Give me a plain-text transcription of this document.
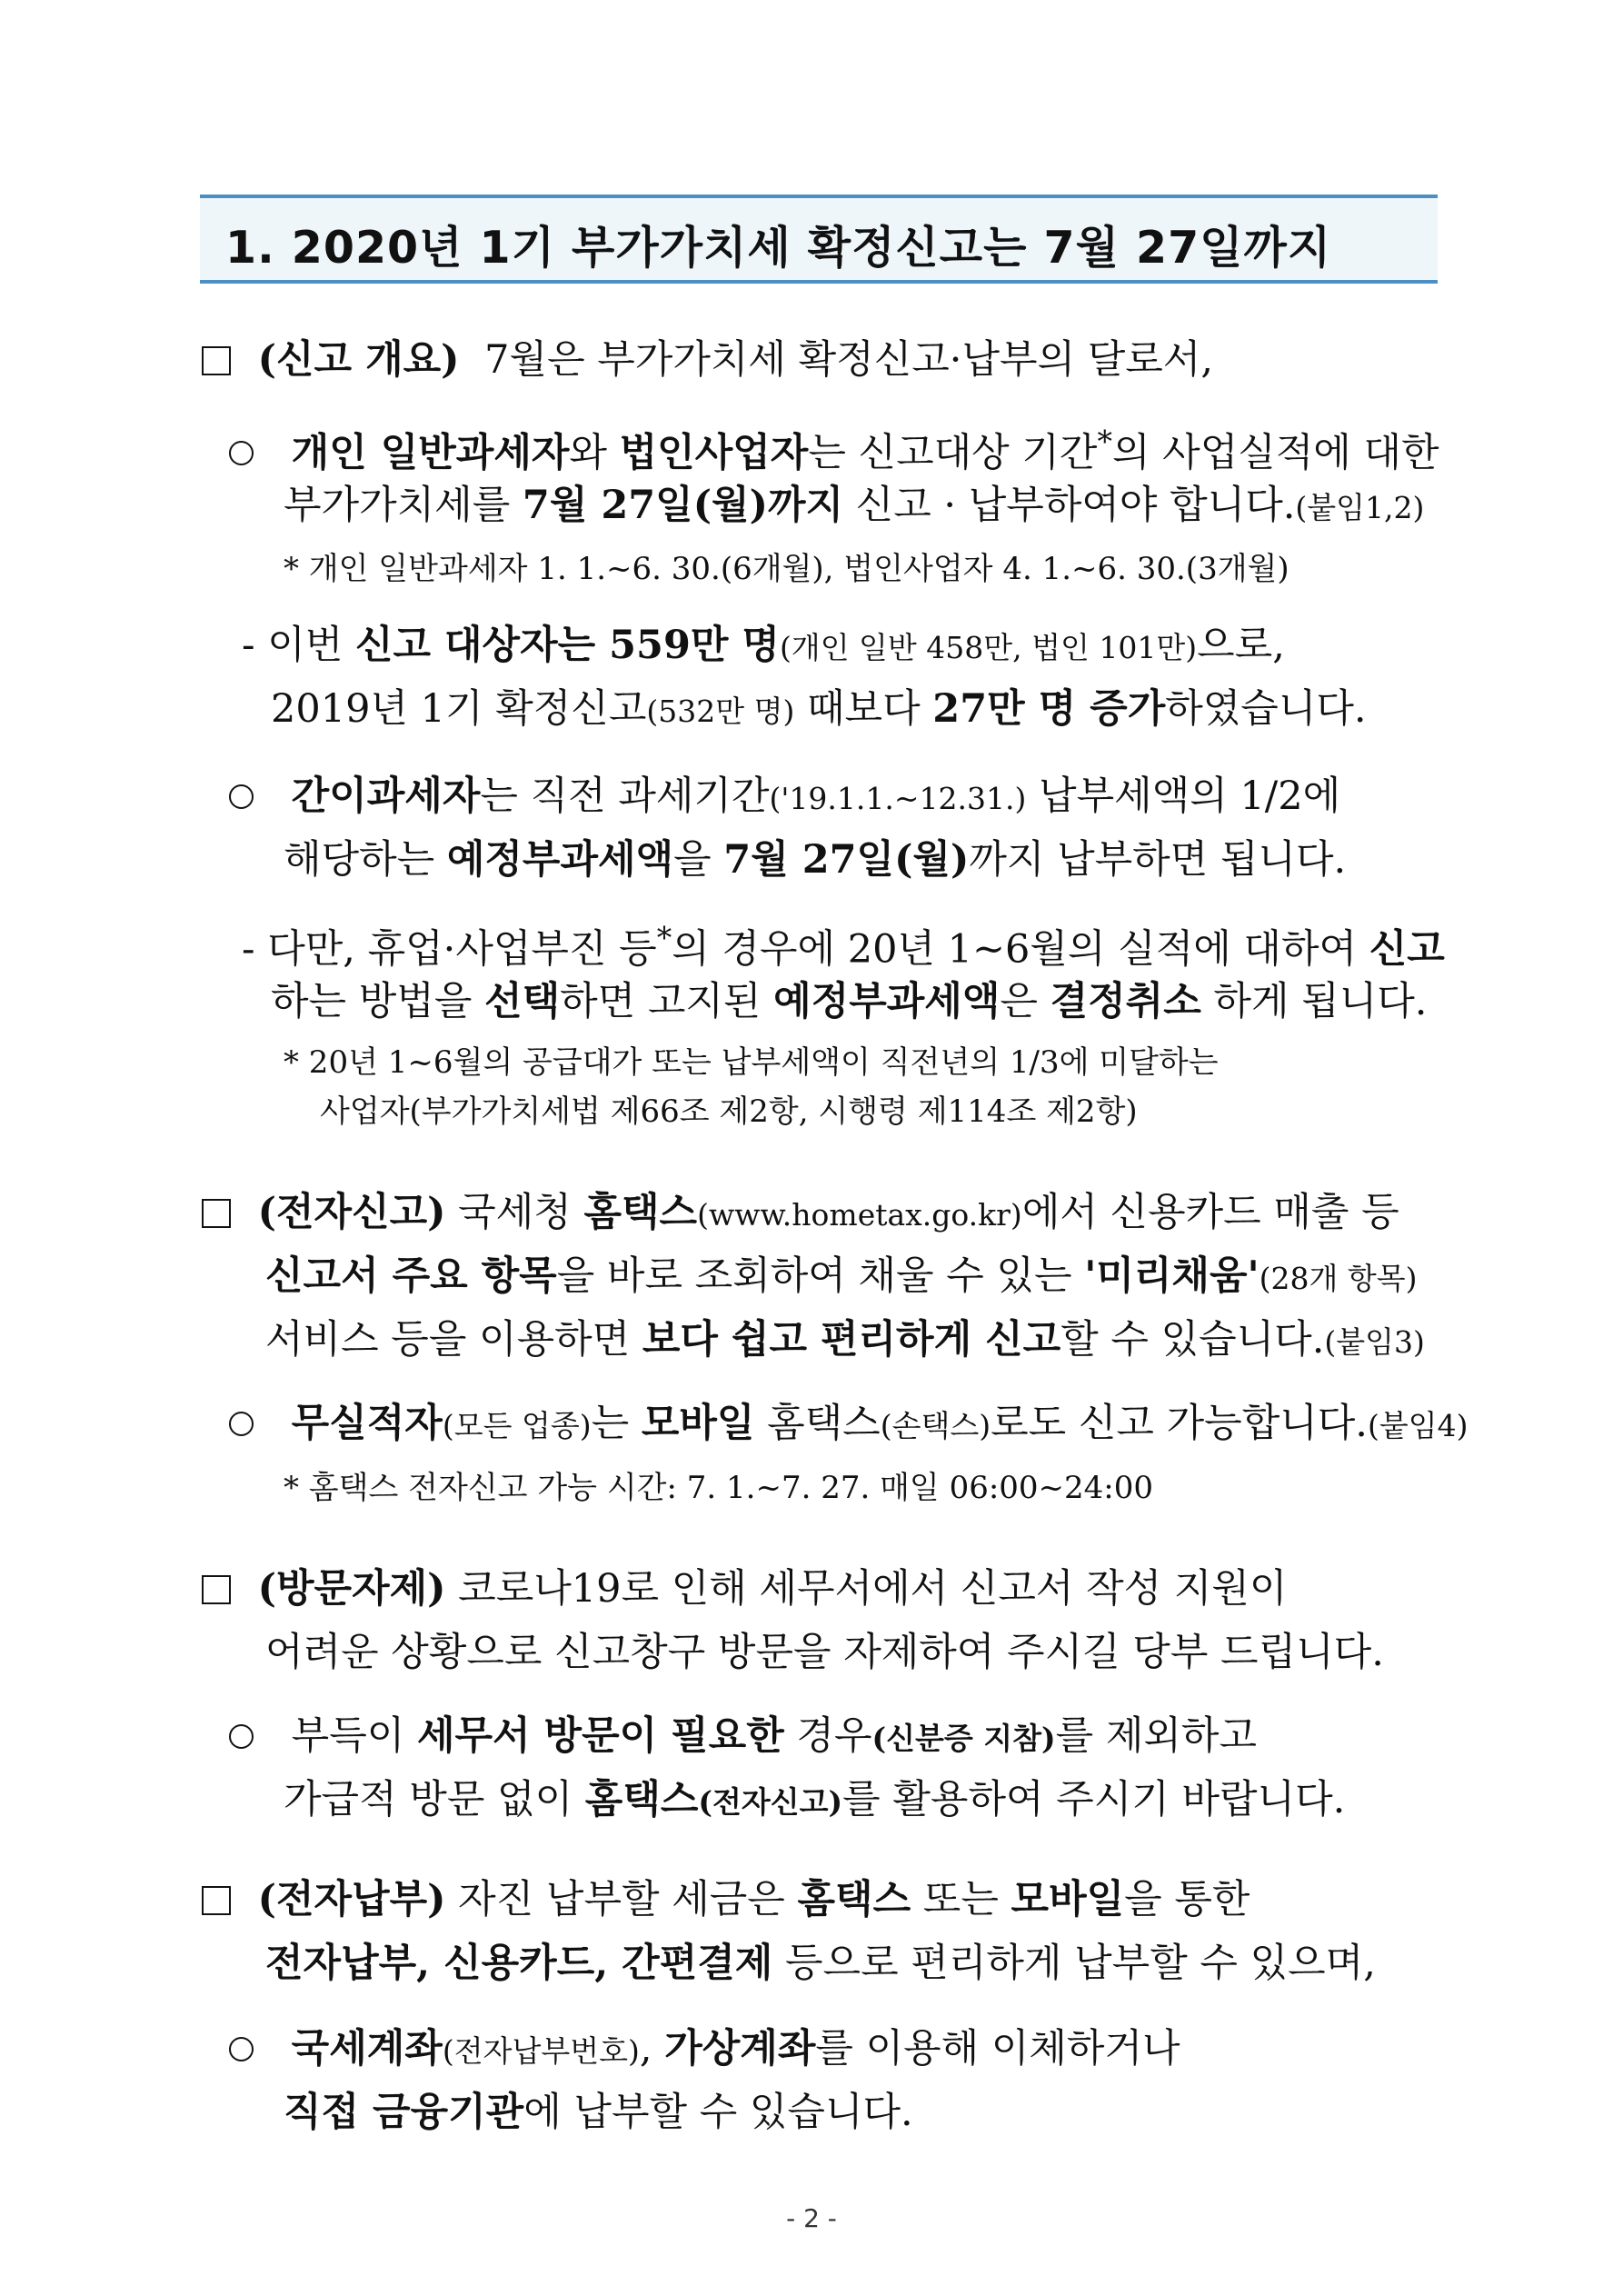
1. 2020년 1기 부가가치세 확정신고는 7월 27일까지
(신고 개요) 7월은 부가가치세 확정신고·납부의 달로서,
개인 일반과세자와 법인사업자는 신고대상 기간*의 사업실적에 대한
부가가치세를 7월 27일(월)까지 신고 · 납부하여야 합니다.(붙임1,2)
* 개인 일반과세자 1. 1.~6. 30.(6개월), 법인사업자 4. 1.~6. 30.(3개월)
- 이번 신고 대상자는 559만 명(개인 일반 458만, 법인 101만)으로,
2019년 1기 확정신고(532만 명) 때보다 27만 명 증가하였습니다.
간이과세자는 직전 과세기간('19.1.1.~12.31.) 납부세액의 1/2에
해당하는 예정부과세액을 7월 27일(월)까지 납부하면 됩니다.
- 다만, 휴업·사업부진 등*의 경우에 20년 1~6월의 실적에 대하여 신고
하는 방법을 선택하면 고지된 예정부과세액은 결정취소 하게 됩니다.
* 20년 1~6월의 공급대가 또는 납부세액이 직전년의 1/3에 미달하는
사업자(부가가치세법 제66조 제2항, 시행령 제114조 제2항)
(전자신고) 국세청 홈택스(www.hometax.go.kr)에서 신용카드 매출 등
신고서 주요 항목을 바로 조회하여 채울 수 있는 '미리채움'(28개 항목)
서비스 등을 이용하면 보다 쉽고 편리하게 신고할 수 있습니다.(붙임3)
무실적자(모든 업종)는 모바일 홈택스(손택스)로도 신고 가능합니다.(붙임4)
* 홈택스 전자신고 가능 시간: 7. 1.~7. 27. 매일 06:00~24:00
(방문자제) 코로나19로 인해 세무서에서 신고서 작성 지원이
어려운 상황으로 신고창구 방문을 자제하여 주시길 당부 드립니다.
부득이 세무서 방문이 필요한 경우(신분증 지참)를 제외하고
가급적 방문 없이 홈택스(전자신고)를 활용하여 주시기 바랍니다.
(전자납부) 자진 납부할 세금은 홈택스 또는 모바일을 통한
전자납부, 신용카드, 간편결제 등으로 편리하게 납부할 수 있으며,
국세계좌(전자납부번호), 가상계좌를 이용해 이체하거나
직접 금융기관에 납부할 수 있습니다.
- 2 -
